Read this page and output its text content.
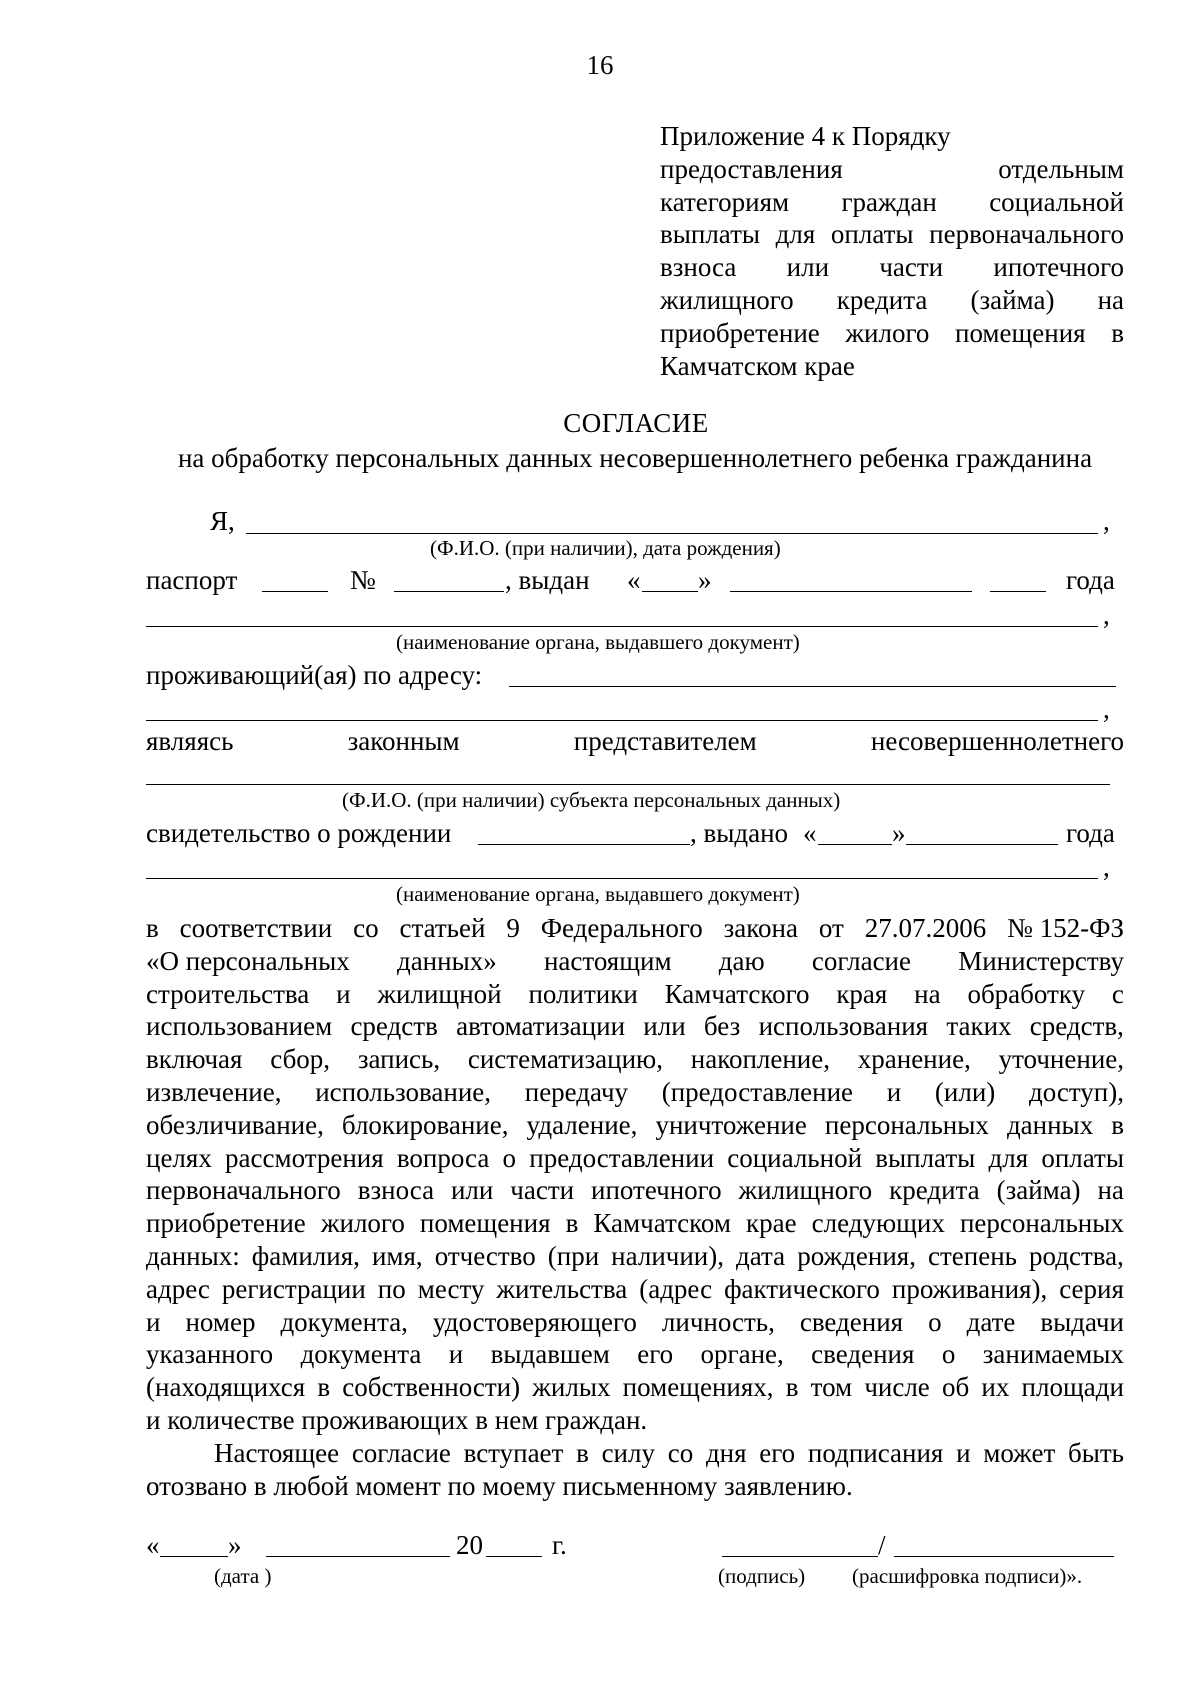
16
Приложение 4 к Порядку
предоставления	отдельным
категориям граждан социальной
выплаты для оплаты первоначального
взноса или части ипотечного
жилищного кредита (займа) на
приобретение жилого помещения в
Камчатском крае
СОГЛАСИЕ
на обработку персональных данных несовершеннолетнего ребенка гражданина
Я,	,
(Ф.И.О. (при наличии), дата рождения)
паспорт	№	, выдан « »	года
,
(наименование органа, выдавшего документ)
проживающий(ая) по адресу:
,
являясь	законным	представителем	несовершеннолетнего
(Ф.И.О. (при наличии) субъекта персональных данных)
свидетельство о рождении	, выдано «	»	года
,
(наименование органа, выдавшего документ)
в соответствии со статьей 9 Федерального закона от 27.07.2006 № 152-ФЗ
«О персональных данных» настоящим даю согласие Министерству
строительства и жилищной политики Камчатского края на обработку с
использованием средств автоматизации или без использования таких средств,
включая сбор, запись, систематизацию, накопление, хранение, уточнение,
извлечение, использование, передачу (предоставление и (или) доступ),
обезличивание, блокирование, удаление, уничтожение персональных данных в
целях рассмотрения вопроса о предоставлении социальной выплаты для оплаты
первоначального взноса или части ипотечного жилищного кредита (займа) на
приобретение жилого помещения в Камчатском крае следующих персональных
данных: фамилия, имя, отчество (при наличии), дата рождения, степень родства,
адрес регистрации по месту жительства (адрес фактического проживания), серия
и номер документа, удостоверяющего личность, сведения о дате выдачи
указанного документа и выдавшем его органе, сведения о занимаемых
(находящихся в собственности) жилых помещениях, в том числе об их площади
и количестве проживающих в нем граждан.
Настоящее согласие вступает в силу со дня его подписания и может быть
отозвано в любой момент по моему письменному заявлению.
«	»	20	г.	/
(дата )	(подпись) (расшифровка подписи)».
